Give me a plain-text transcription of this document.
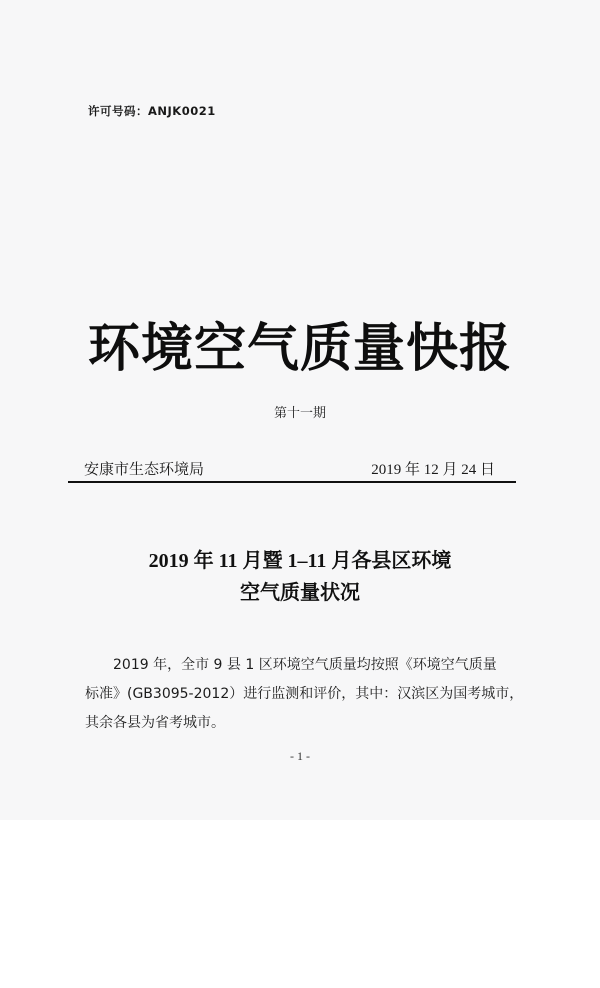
许可号码：ANJK0021
环境空气质量快报
第十一期
安康市生态环境局	2019 年 12 月 24 日
2019 年 11 月暨 1–11 月各县区环境
空气质量状况
2019 年，全市 9 县 1 区环境空气质量均按照《环境空气质量
标准》(GB3095-2012）进行监测和评价，其中：汉滨区为国考城市，
其余各县为省考城市。
- 1 -
